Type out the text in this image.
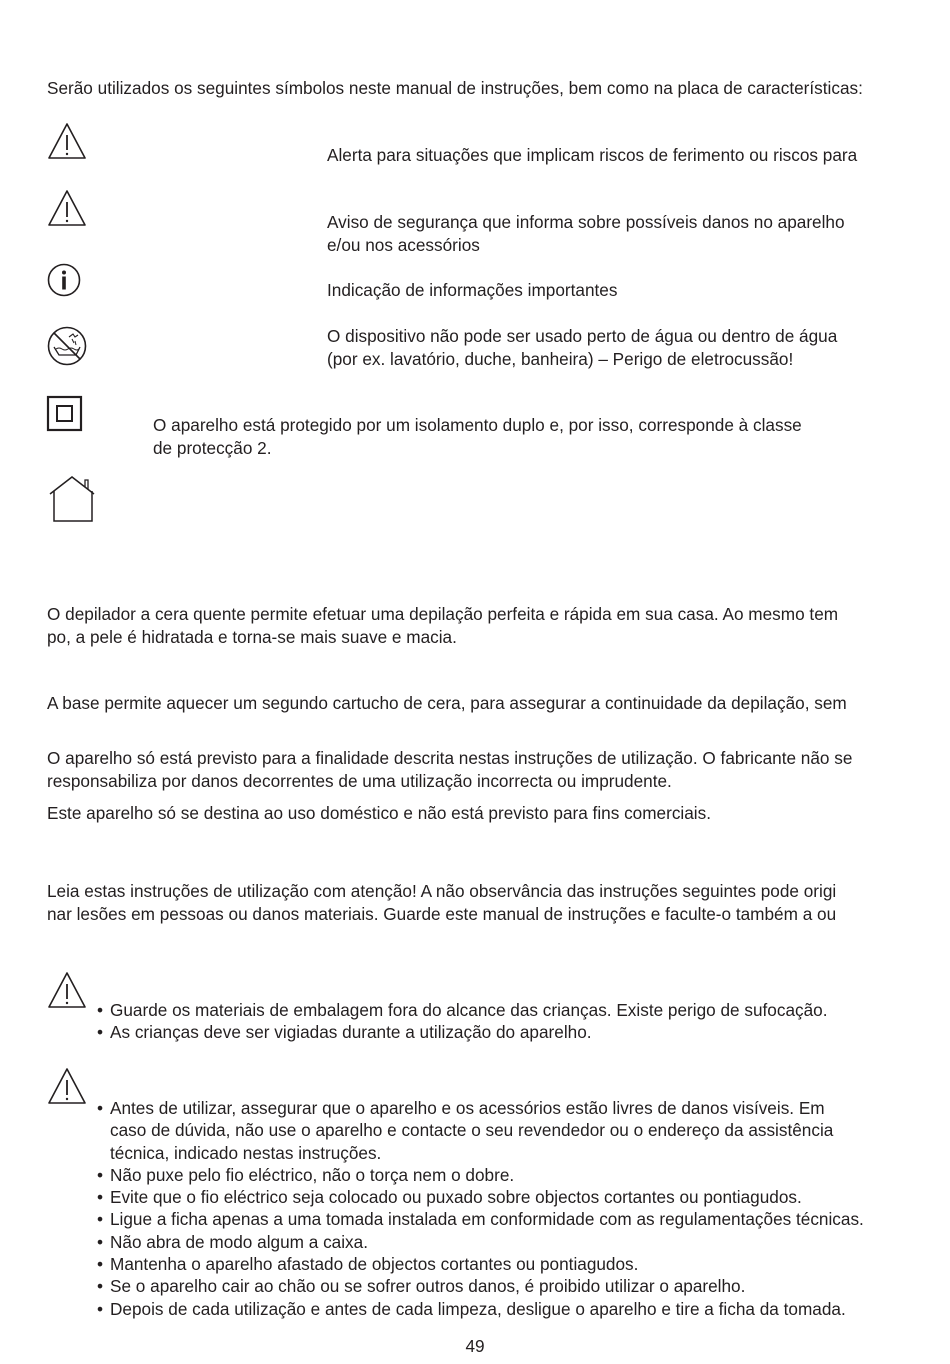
Serão utilizados os seguintes símbolos neste manual de instruções, bem como na placa de características:
Alerta para situações que implicam riscos de ferimento ou riscos para
Aviso de segurança que informa sobre possíveis danos no aparelho
e/ou nos acessórios
Indicação de informações importantes
O dispositivo não pode ser usado perto de água ou dentro de água
(por ex. lavatório, duche, banheira) – Perigo de eletrocussão!
O aparelho está protegido por um isolamento duplo e, por isso, corresponde à classe
de protecção 2.

O depilador a cera quente permite efetuar uma depilação perfeita e rápida em sua casa. Ao mesmo tem

po, a pele é hidratada e torna-se mais suave e macia.

A base permite aquecer um segundo cartucho de cera, para assegurar a continuidade da depilação, sem

O aparelho só está previsto para a finalidade descrita nestas instruções de utilização. O fabricante não se

responsabiliza por danos decorrentes de uma utilização incorrecta ou imprudente.

Este aparelho só se destina ao uso doméstico e não está previsto para fins comerciais.

Leia estas instruções de utilização com atenção! A não observância das instruções seguintes pode origi

nar lesões em pessoas ou danos materiais. Guarde este manual de instruções e faculte-o também a ou

• Guarde os materiais de embalagem fora do alcance das crianças. Existe perigo de sufocação.
• As crianças deve ser vigiadas durante a utilização do aparelho.
• Antes de utilizar, assegurar que o aparelho e os acessórios estão livres de danos visíveis. Em
caso de dúvida, não use o aparelho e contacte o seu revendedor ou o endereço da assistência
técnica, indicado nestas instruções.
• Não puxe pelo fio eléctrico, não o torça nem o dobre.
• Evite que o fio eléctrico seja colocado ou puxado sobre objectos cortantes ou pontiagudos.
• Ligue a ficha apenas a uma tomada instalada em conformidade com as regulamentações técnicas.
• Não abra de modo algum a caixa.
• Mantenha o aparelho afastado de objectos cortantes ou pontiagudos.
• Se o aparelho cair ao chão ou se sofrer outros danos, é proibido utilizar o aparelho.
• Depois de cada utilização e antes de cada limpeza, desligue o aparelho e tire a ficha da tomada.
49
